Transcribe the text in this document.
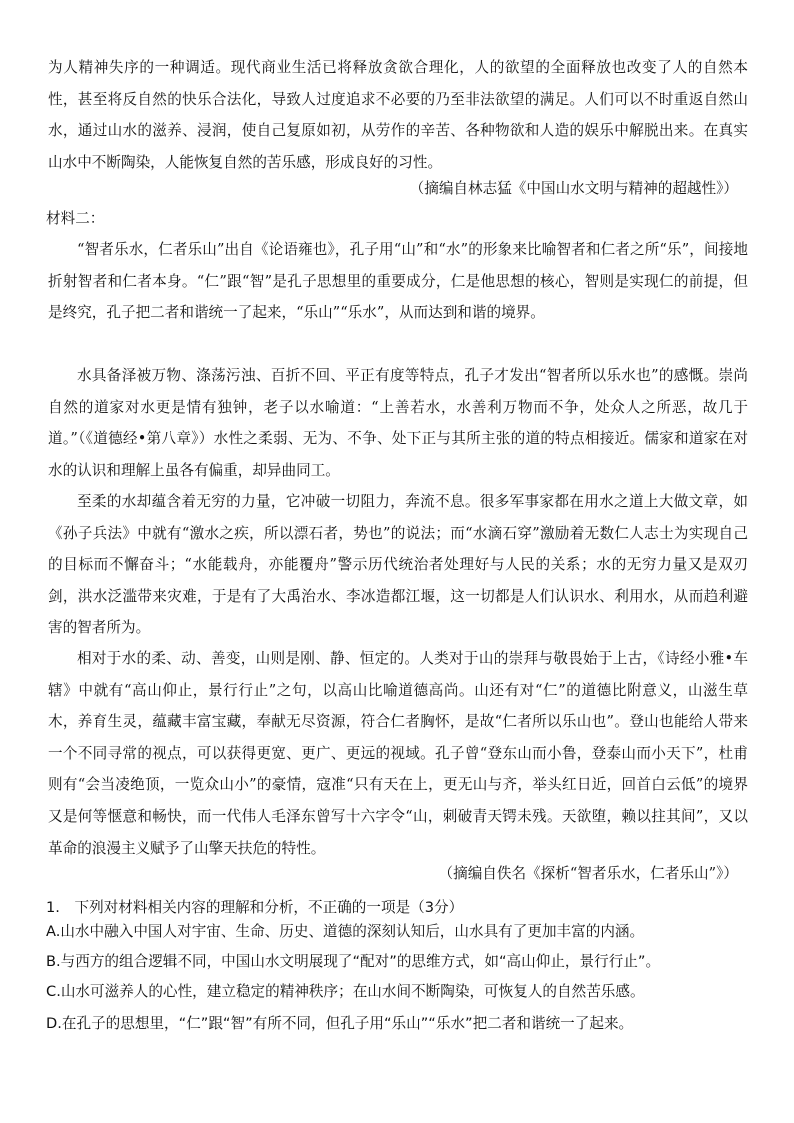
为人精神失序的一种调适。现代商业生活已将释放贪欲合理化，人的欲望的全面释放也改变了人的自然本性，甚至将反自然的快乐合法化，导致人过度追求不必要的乃至非法欲望的满足。人们可以不时重返自然山水，通过山水的滋养、浸润，使自己复原如初，从劳作的辛苦、各种物欲和人造的娱乐中解脱出来。在真实山水中不断陶染，人能恢复自然的苦乐感，形成良好的习性。

（摘编自林志猛《中国山水文明与精神的超越性》）

材料二：

“智者乐水，仁者乐山”出自《论语雍也》，孔子用“山”和“水”的形象来比喻智者和仁者之所“乐”，间接地折射智者和仁者本身。“仁”跟“智”是孔子思想里的重要成分，仁是他思想的核心，智则是实现仁的前提，但是终究，孔子把二者和谐统一了起来，“乐山”“乐水”，从而达到和谐的境界。

水具备泽被万物、涤荡污浊、百折不回、平正有度等特点，孔子才发出“智者所以乐水也”的感慨。崇尚自然的道家对水更是情有独钟，老子以水喻道：“上善若水，水善利万物而不争，处众人之所恶，故几于道。”（《道德经•第八章》）水性之柔弱、无为、不争、处下正与其所主张的道的特点相接近。儒家和道家在对水的认识和理解上虽各有偏重，却异曲同工。

至柔的水却蕴含着无穷的力量，它冲破一切阻力，奔流不息。很多军事家都在用水之道上大做文章，如《孙子兵法》中就有“激水之疾，所以漂石者，势也”的说法；而“水滴石穿”激励着无数仁人志士为实现自己的目标而不懈奋斗；“水能载舟，亦能覆舟”警示历代统治者处理好与人民的关系；水的无穷力量又是双刃剑，洪水泛滥带来灾难，于是有了大禹治水、李冰造都江堰，这一切都是人们认识水、利用水，从而趋利避害的智者所为。

相对于水的柔、动、善变，山则是刚、静、恒定的。人类对于山的崇拜与敬畏始于上古，《诗经小雅•车辖》中就有“高山仰止，景行行止”之句，以高山比喻道德高尚。山还有对“仁”的道德比附意义，山滋生草木，养育生灵，蕴藏丰富宝藏，奉献无尽资源，符合仁者胸怀，是故“仁者所以乐山也”。登山也能给人带来一个不同寻常的视点，可以获得更宽、更广、更远的视域。孔子曾“登东山而小鲁，登泰山而小天下”，杜甫则有“会当凌绝顶，一览众山小”的豪情，寇准“只有天在上，更无山与齐，举头红日近，回首白云低”的境界又是何等惬意和畅快，而一代伟人毛泽东曾写十六字令“山，刺破青天锷未残。天欲堕，赖以拄其间”，又以革命的浪漫主义赋予了山擎天扶危的特性。

（摘编自佚名《探析“智者乐水，仁者乐山”》）

1.　下列对材料相关内容的理解和分析，不正确的一项是（3分）

A.山水中融入中国人对宇宙、生命、历史、道德的深刻认知后，山水具有了更加丰富的内涵。

B.与西方的组合逻辑不同，中国山水文明展现了“配对”的思维方式，如“高山仰止，景行行止”。

C.山水可滋养人的心性，建立稳定的精神秩序；在山水间不断陶染，可恢复人的自然苦乐感。

D.在孔子的思想里，“仁”跟“智”有所不同，但孔子用“乐山”“乐水”把二者和谐统一了起来。
